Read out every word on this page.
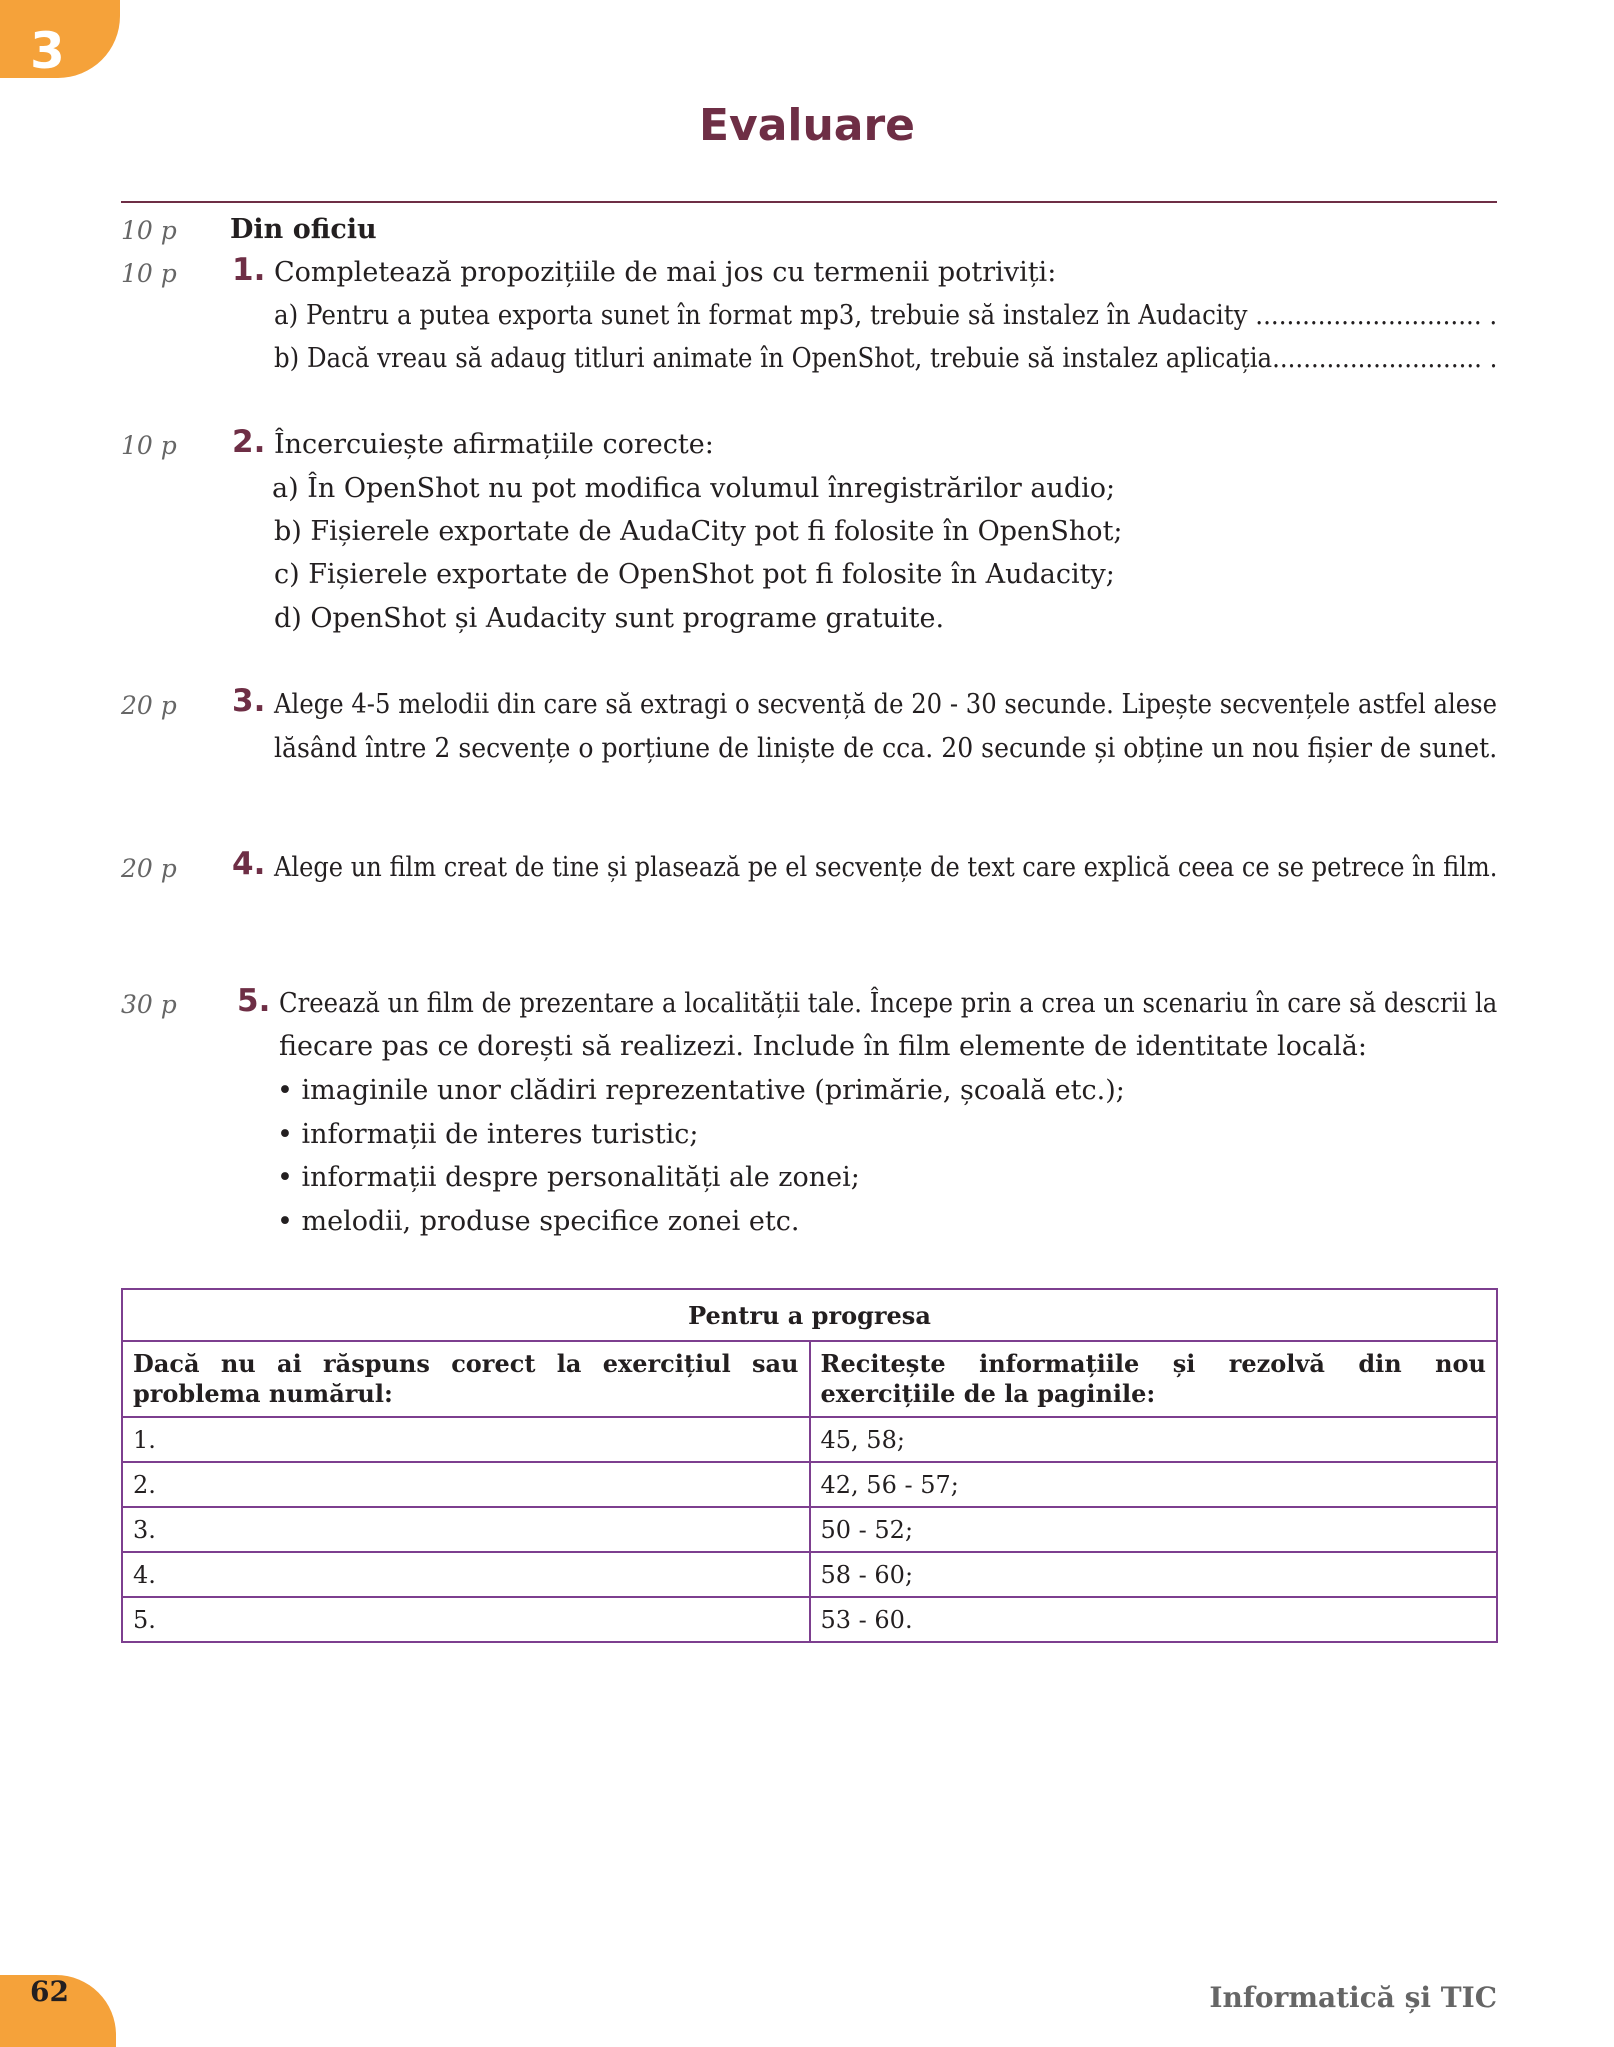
3
Evaluare
10 p Din oficiu
10 p 1. Completează propozițiile de mai jos cu termenii potriviți:
a) Pentru a putea exporta sunet în format mp3, trebuie să instalez în Audacity ............................. .
b) Dacă vreau să adaug titluri animate în OpenShot, trebuie să instalez aplicația........................... .
10 p 2. Încercuiește afirmațiile corecte:
a) În OpenShot nu pot modifica volumul înregistrărilor audio;
b) Fișierele exportate de AudaCity pot fi folosite în OpenShot;
c) Fișierele exportate de OpenShot pot fi folosite în Audacity;
d) OpenShot și Audacity sunt programe gratuite.
20 p 3. Alege 4-5 melodii din care să extragi o secvență de 20 - 30 secunde. Lipește secvențele astfel alese
lăsând între 2 secvențe o porțiune de liniște de cca. 20 secunde și obține un nou fișier de sunet.
20 p 4. Alege un film creat de tine și plasează pe el secvențe de text care explică ceea ce se petrece în film.
30 p 5. Creează un film de prezentare a localității tale. Începe prin a crea un scenariu în care să descrii la
fiecare pas ce dorești să realizezi. Include în film elemente de identitate locală:
• imaginile unor clădiri reprezentative (primărie, școală etc.);
• informații de interes turistic;
• informații despre personalități ale zonei;
• melodii, produse specifice zonei etc.
Pentru a progresa	
Dacă nu ai răspuns corect la exercițiul sau problema numărul:	Recitește informațiile și rezolvă din nou exercițiile de la paginile:
1.	45, 58;
2.	42, 56 - 57;
3.	50 - 52;
4.	58 - 60;
5.	53 - 60.
62	Informatică și TIC
